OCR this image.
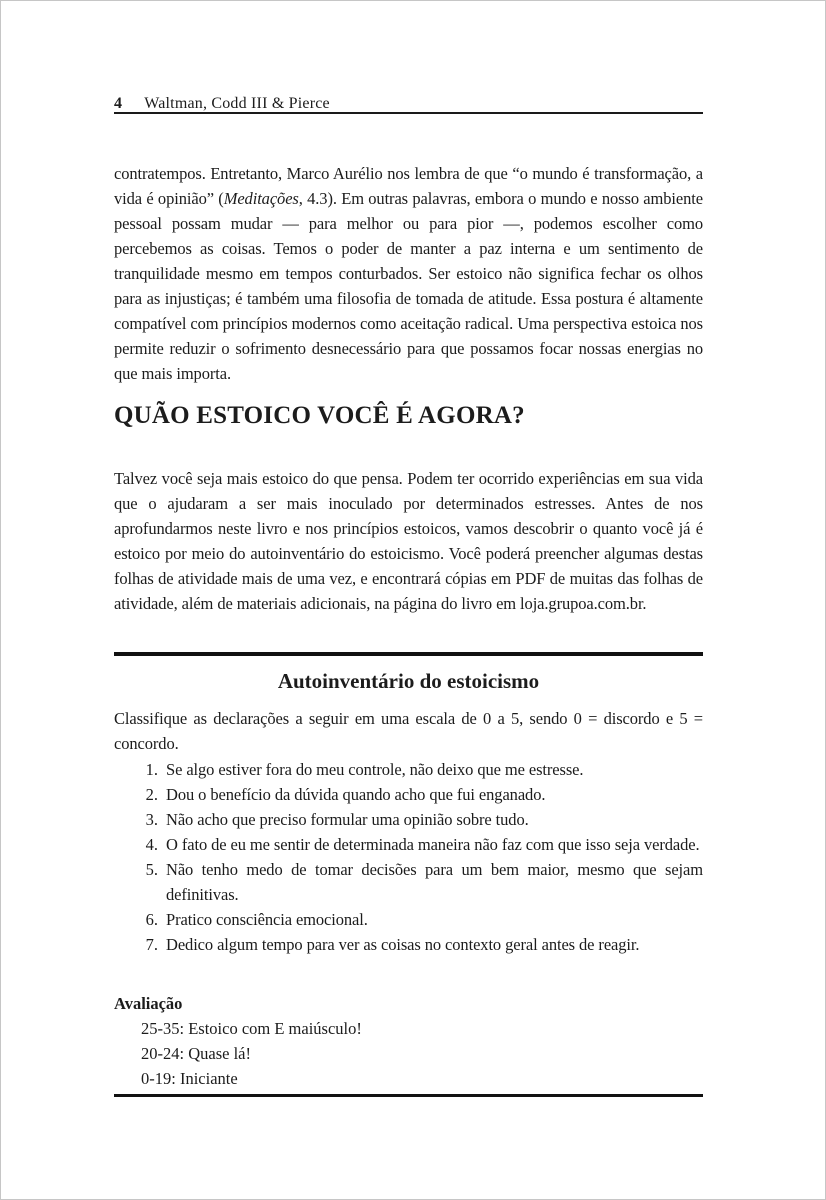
4 Waltman, Codd III & Pierce

contratempos. Entretanto, Marco Aurélio nos lembra de que “o mundo é transformação, a vida é opinião” (Meditações, 4.3). Em outras palavras, embora o mundo e nosso ambiente pessoal possam mudar — para melhor ou para pior —, podemos escolher como percebemos as coisas. Temos o poder de manter a paz interna e um sentimento de tranquilidade mesmo em tempos conturbados. Ser estoico não significa fechar os olhos para as injustiças; é também uma filosofia de tomada de atitude. Essa postura é altamente compatível com princípios modernos como aceitação radical. Uma perspectiva estoica nos permite reduzir o sofrimento desnecessário para que possamos focar nossas energias no que mais importa.

QUÃO ESTOICO VOCÊ É AGORA?

Talvez você seja mais estoico do que pensa. Podem ter ocorrido experiências em sua vida que o ajudaram a ser mais inoculado por determinados estresses. Antes de nos aprofundarmos neste livro e nos princípios estoicos, vamos descobrir o quanto você já é estoico por meio do autoinventário do estoicismo. Você poderá preencher algumas destas folhas de atividade mais de uma vez, e encontrará cópias em PDF de muitas das folhas de atividade, além de materiais adicionais, na página do livro em loja.grupoa.com.br.

Autoinventário do estoicismo
Classifique as declarações a seguir em uma escala de 0 a 5, sendo 0 = discordo e 5 = concordo.
1. Se algo estiver fora do meu controle, não deixo que me estresse.
2. Dou o benefício da dúvida quando acho que fui enganado.
3. Não acho que preciso formular uma opinião sobre tudo.
4. O fato de eu me sentir de determinada maneira não faz com que isso seja verdade.
5. Não tenho medo de tomar decisões para um bem maior, mesmo que sejam definitivas.
6. Pratico consciência emocional.
7. Dedico algum tempo para ver as coisas no contexto geral antes de reagir.
Avaliação
25-35: Estoico com E maiúsculo!
20-24: Quase lá!
0-19: Iniciante
